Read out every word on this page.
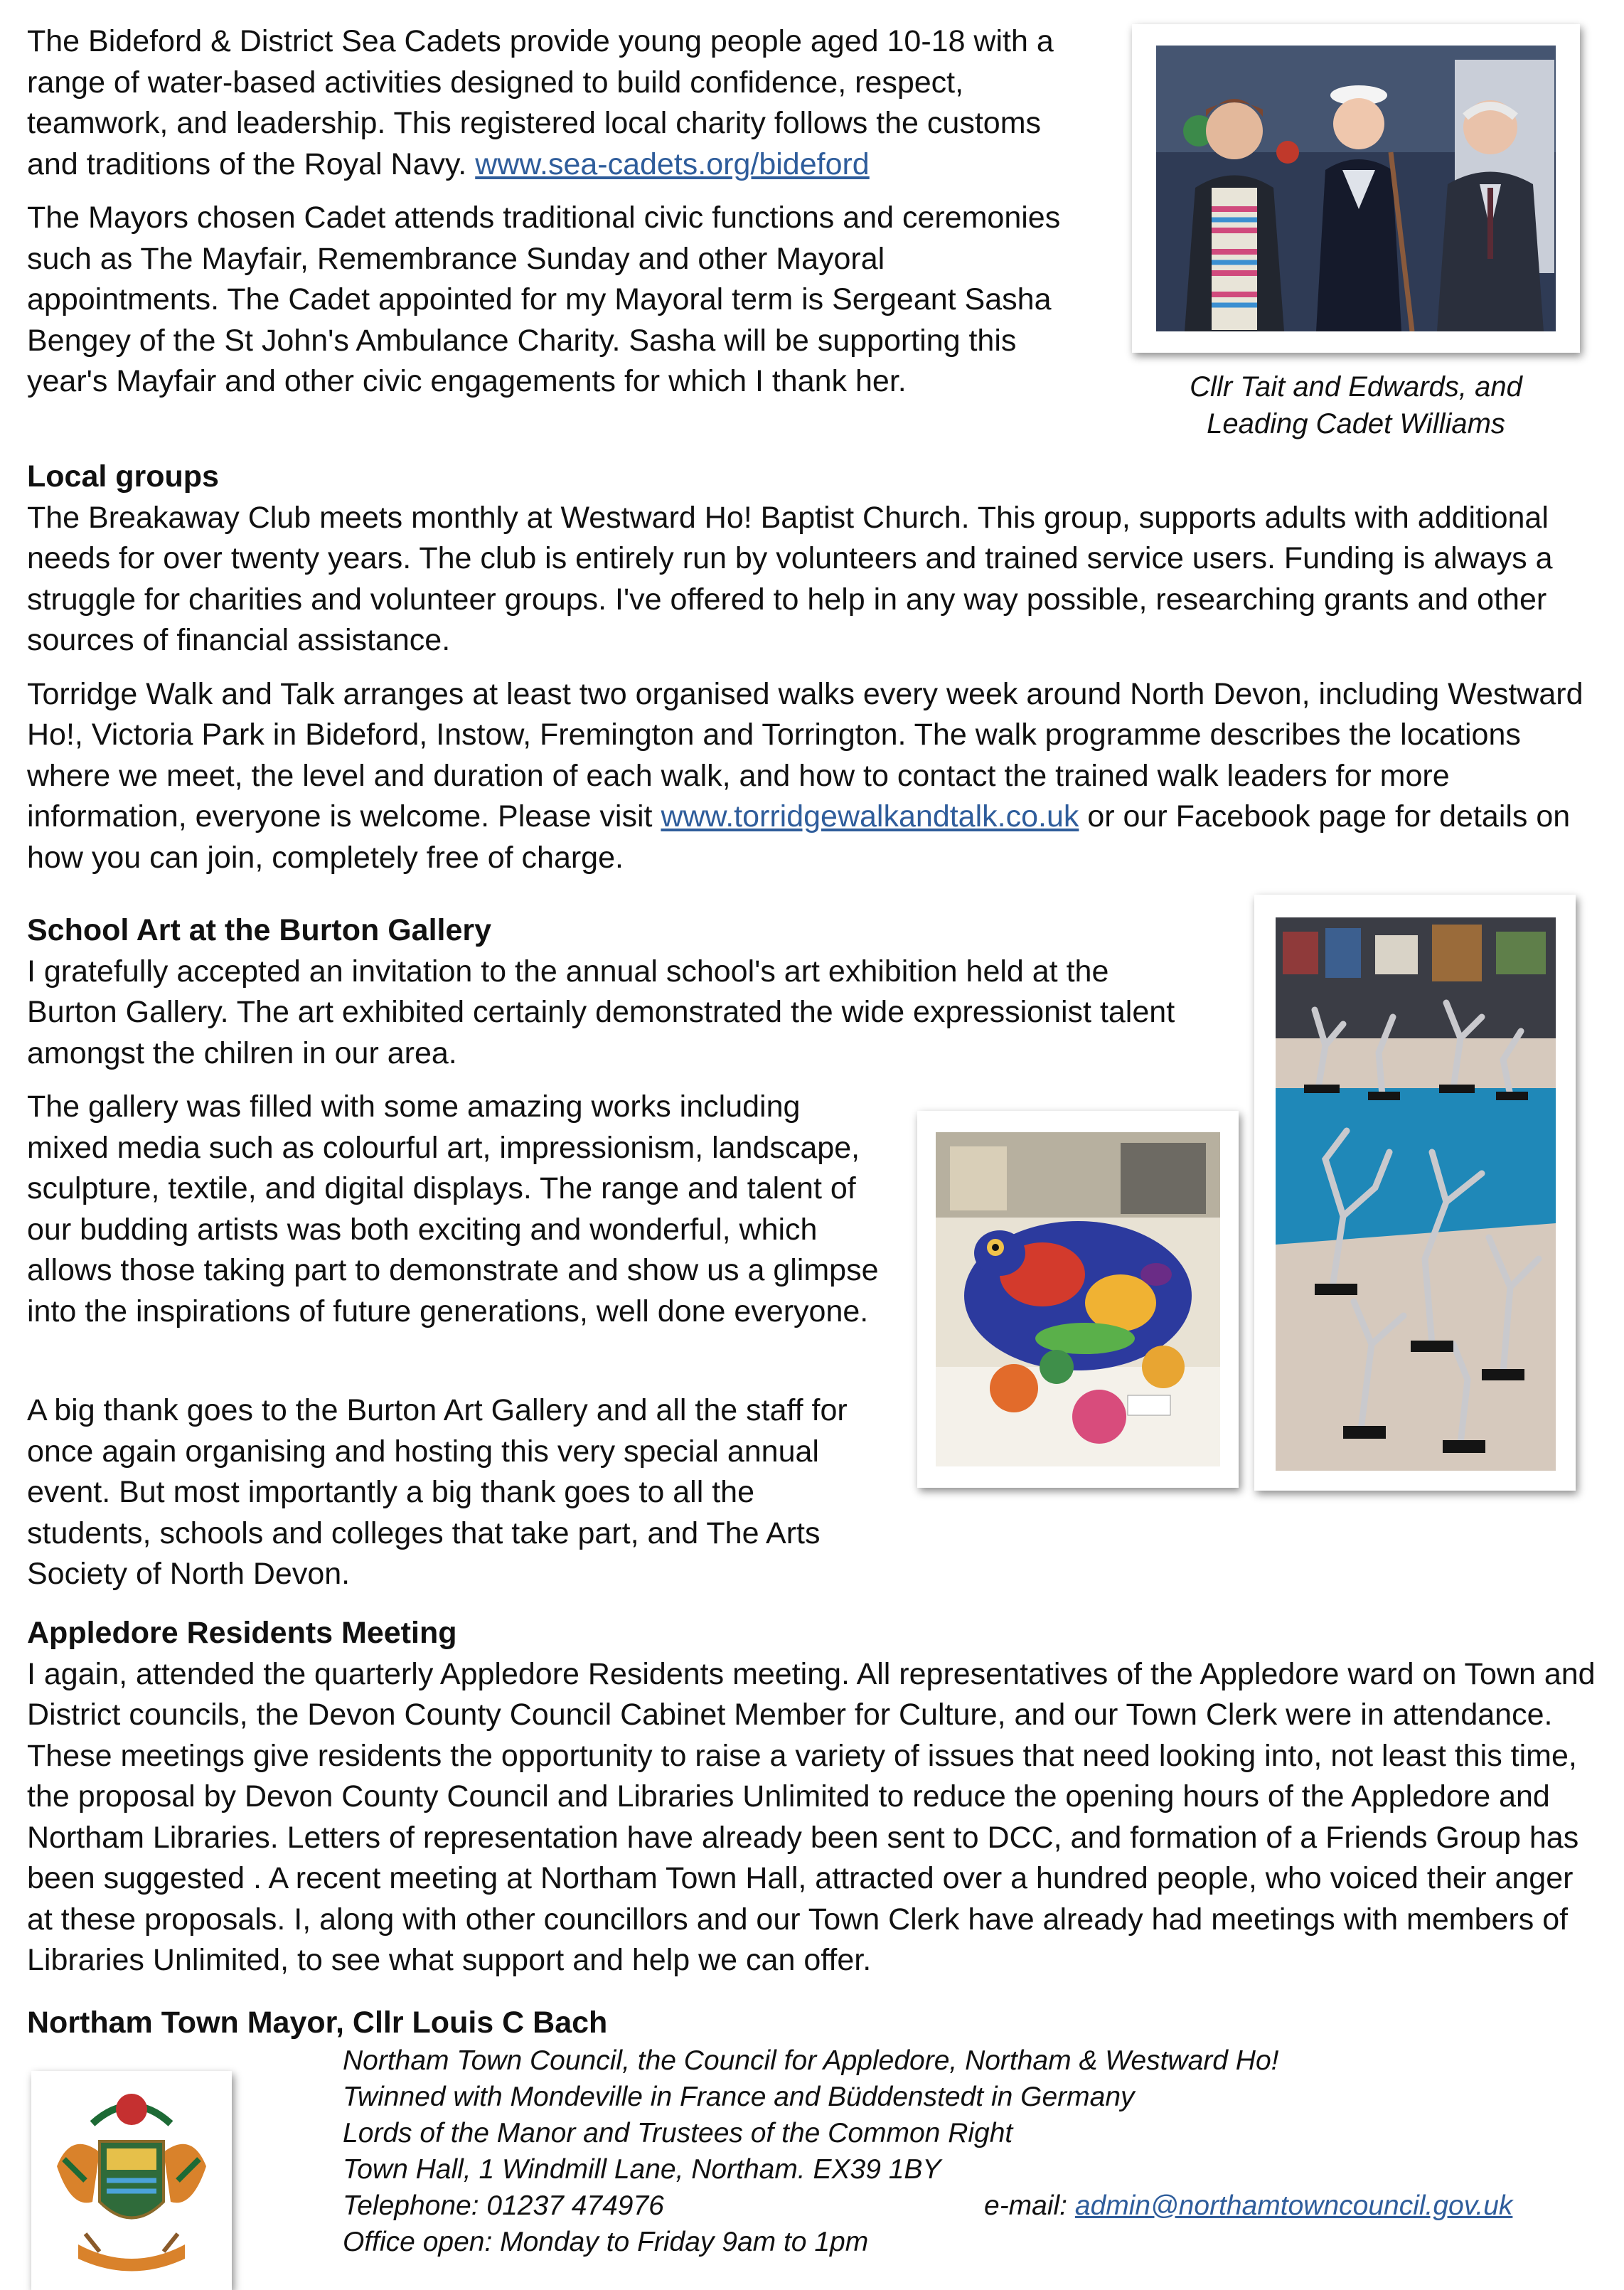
The Bideford & District Sea Cadets provide young people aged 10-18 with a range of water-based activities designed to build confidence, respect, teamwork, and leadership. This registered local charity follows the customs and traditions of the Royal Navy. www.sea-cadets.org/bideford

The Mayors chosen Cadet attends traditional civic functions and ceremonies such as The Mayfair, Remembrance Sunday and other Mayoral appointments. The Cadet appointed for my Mayoral term is Sergeant Sasha Bengey of the St John's Ambulance Charity. Sasha will be supporting this year's Mayfair and other civic engagements for which I thank her.	Cllr Tait and Edwards, and Leading Cadet Williams

Local groups

The Breakaway Club meets monthly at Westward Ho! Baptist Church. This group, supports adults with additional needs for over twenty years. The club is entirely run by volunteers and trained service users. Funding is always a struggle for charities and volunteer groups. I've offered to help in any way possible, researching grants and other sources of financial assistance.

Torridge Walk and Talk arranges at least two organised walks every week around North Devon, including Westward Ho!, Victoria Park in Bideford, Instow, Fremington and Torrington. The walk programme describes the locations where we meet, the level and duration of each walk, and how to contact the trained walk leaders for more information, everyone is welcome. Please visit www.torridgewalkandtalk.co.uk or our Facebook page for details on how you can join, completely free of charge.

School Art at the Burton Gallery

I gratefully accepted an invitation to the annual school's art exhibition held at the Burton Gallery. The art exhibited certainly demonstrated the wide expressionist talent amongst the chilren in our area.

The gallery was filled with some amazing works including mixed media such as colourful art, impressionism, landscape, sculpture, textile, and digital displays. The range and talent of our budding artists was both exciting and wonderful, which allows those taking part to demonstrate and show us a glimpse into the inspirations of future generations, well done everyone.

A big thank goes to the Burton Art Gallery and all the staff for once again organising and hosting this very special annual event. But most importantly a big thank goes to all the students, schools and colleges that take part, and The Arts Society of North Devon.

Appledore Residents Meeting

I again, attended the quarterly Appledore Residents meeting. All representatives of the Appledore ward on Town and District councils, the Devon County Council Cabinet Member for Culture, and our Town Clerk were in attendance. These meetings give residents the opportunity to raise a variety of issues that need looking into, not least this time, the proposal by Devon County Council and Libraries Unlimited to reduce the opening hours of the Appledore and Northam Libraries. Letters of representation have already been sent to DCC, and formation of a Friends Group has been suggested . A recent meeting at Northam Town Hall, attracted over a hundred people, who voiced their anger at these proposals. I, along with other councillors and our Town Clerk have already had meetings with members of Libraries Unlimited, to see what support and help we can offer.

Northam Town Mayor, Cllr Louis C Bach
Northam Town Council, the Council for Appledore, Northam & Westward Ho!
Twinned with Mondeville in France and Büddenstedt in Germany
Lords of the Manor and Trustees of the Common Right
Town Hall, 1 Windmill Lane, Northam. EX39 1BY
Telephone: 01237 474976	e-mail: admin@northamtowncouncil.gov.uk
Office open: Monday to Friday 9am to 1pm
